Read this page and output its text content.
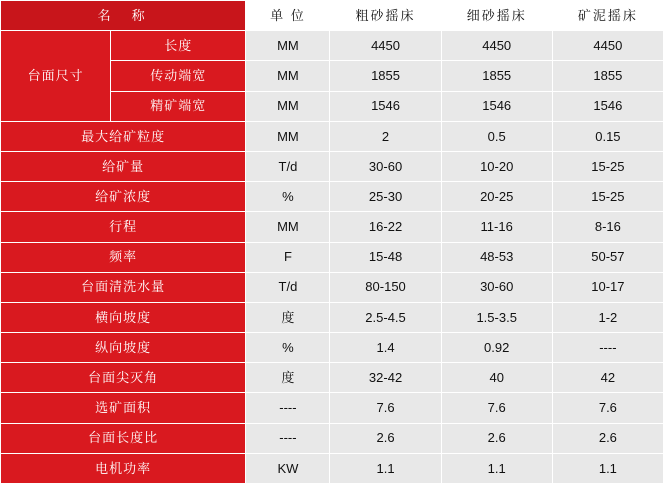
名　称		单 位	粗砂摇床	细砂摇床	矿泥摇床
台面尺寸	长度	MM	4450	4450	4450
	传动端宽	MM	1855	1855	1855
	精矿端宽	MM	1546	1546	1546
最大给矿粒度		MM	2	0.5	0.15
给矿量		T/d	30-60	10-20	15-25
给矿浓度		%	25-30	20-25	15-25
行程		MM	16-22	11-16	8-16
频率		F	15-48	48-53	50-57
台面清洗水量		T/d	80-150	30-60	10-17
横向坡度		度	2.5-4.5	1.5-3.5	1-2
纵向坡度		%	1.4	0.92	----
台面尖灭角		度	32-42	40	42
选矿面积		----	7.6	7.6	7.6
台面长度比		----	2.6	2.6	2.6
电机功率		KW	1.1	1.1	1.1
